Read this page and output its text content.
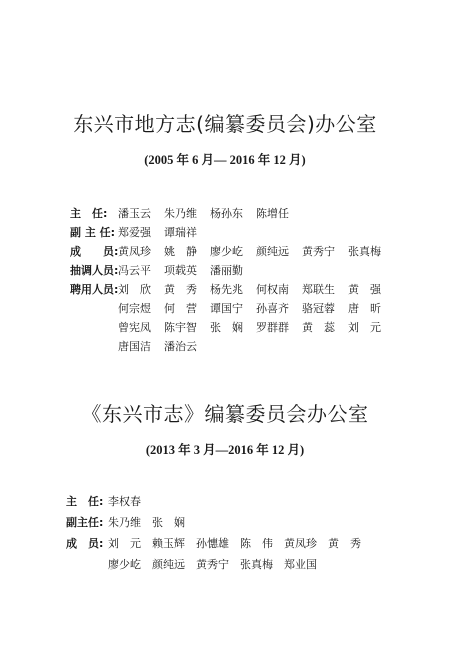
东兴市地方志(编纂委员会)办公室
(2005 年 6 月— 2016 年 12 月)
主　任: 潘玉云	朱乃维	杨孙东	陈增任
副 主 任: 郑爱强	谭瑞祥
成　　员: 黄凤珍	姚　静	廖少屹	颜纯远	黄秀宁	张真梅
抽调人员: 冯云平	项载英	潘丽勤
聘用人员: 刘　欣	黄　秀	杨先兆	何权南	郑联生	黄　强
何宗煜	何　营	谭国宁	孙喜齐	骆冠蓉	唐　昕
曾宪凤	陈宇智	张　娴	罗群群	黄　蕊	刘　元
唐国洁	潘治云
《东兴市志》编纂委员会办公室
(2013 年 3 月—2016 年 12 月)
主　任: 李权春
副主任: 朱乃维	张　娴
成　员: 刘　元	赖玉辉	孙憓雄	陈　伟	黄凤珍	黄　秀
廖少屹	颜纯远	黄秀宁	张真梅	郑业国
